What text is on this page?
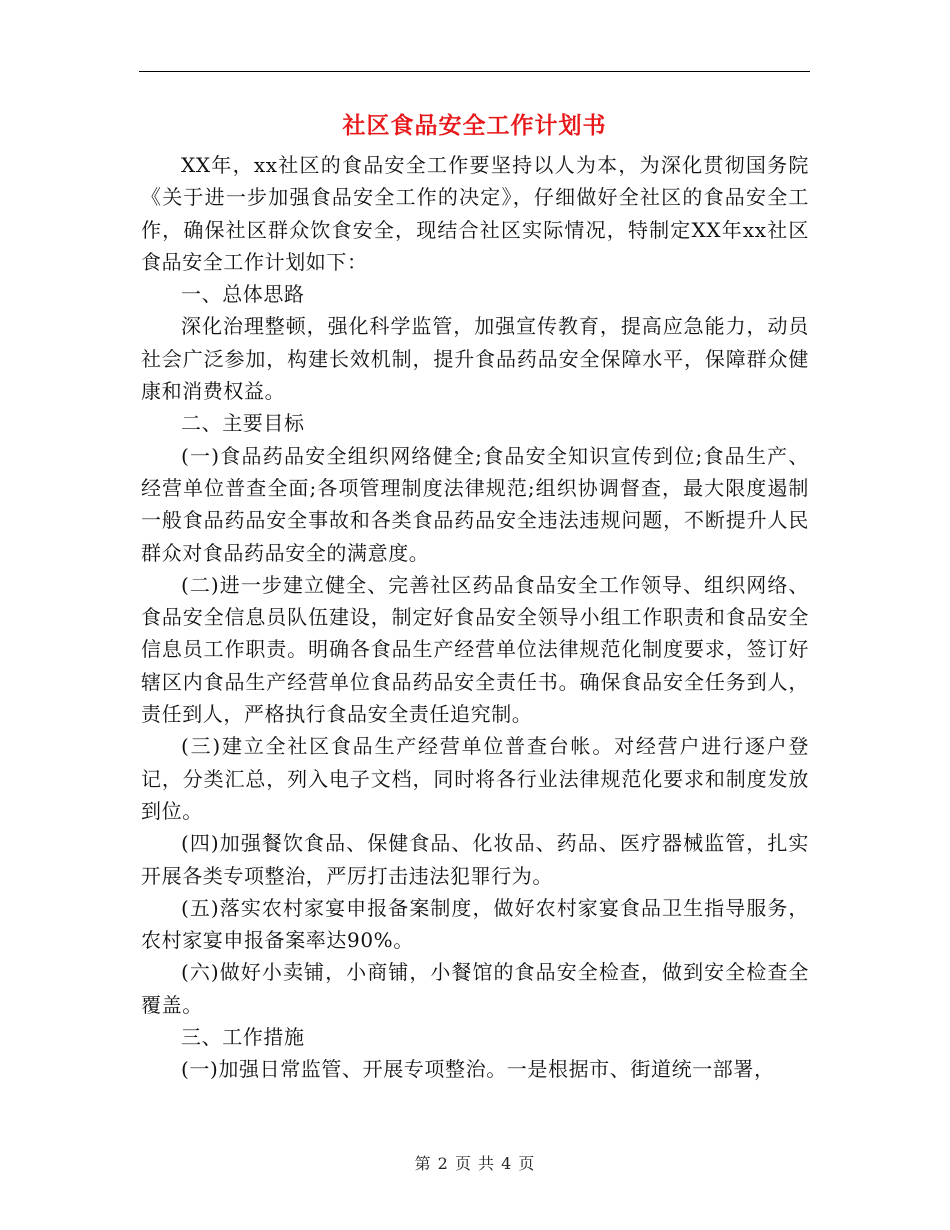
社区食品安全工作计划书

XX年，xx社区的食品安全工作要坚持以人为本，为深化贯彻国务院《关于进一步加强食品安全工作的决定》，仔细做好全社区的食品安全工作，确保社区群众饮食安全，现结合社区实际情况，特制定XX年xx社区食品安全工作计划如下：

一、总体思路

深化治理整顿，强化科学监管，加强宣传教育，提高应急能力，动员社会广泛参加，构建长效机制，提升食品药品安全保障水平，保障群众健康和消费权益。

二、主要目标

(一)食品药品安全组织网络健全;食品安全知识宣传到位;食品生产、经营单位普查全面;各项管理制度法律规范;组织协调督查，最大限度遏制一般食品药品安全事故和各类食品药品安全违法违规问题，不断提升人民群众对食品药品安全的满意度。

(二)进一步建立健全、完善社区药品食品安全工作领导、组织网络、食品安全信息员队伍建设，制定好食品安全领导小组工作职责和食品安全信息员工作职责。明确各食品生产经营单位法律规范化制度要求，签订好辖区内食品生产经营单位食品药品安全责任书。确保食品安全任务到人，责任到人，严格执行食品安全责任追究制。

(三)建立全社区食品生产经营单位普查台帐。对经营户进行逐户登记，分类汇总，列入电子文档，同时将各行业法律规范化要求和制度发放到位。

(四)加强餐饮食品、保健食品、化妆品、药品、医疗器械监管，扎实开展各类专项整治，严厉打击违法犯罪行为。

(五)落实农村家宴申报备案制度，做好农村家宴食品卫生指导服务，农村家宴申报备案率达90%。

(六)做好小卖铺，小商铺，小餐馆的食品安全检查，做到安全检查全覆盖。

三、工作措施

(一)加强日常监管、开展专项整治。一是根据市、街道统一部署，

第 2 页 共 4 页
